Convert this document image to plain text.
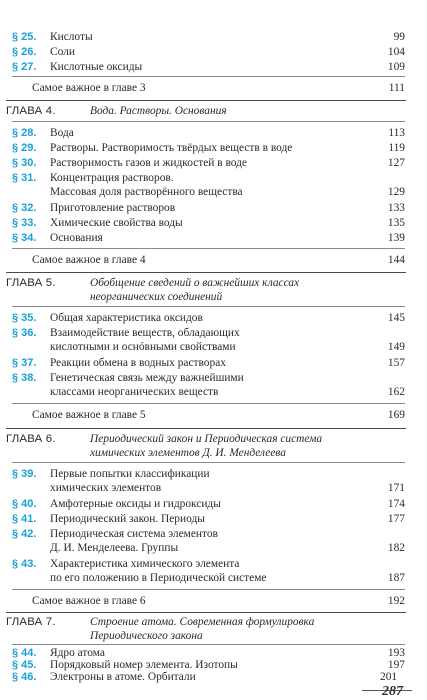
§ 25. Кислоты	99
§ 26. Соли	104
§ 27. Кислотные оксиды	109
Самое важное в главе 3	111
ГЛАВА 4.	Вода. Растворы. Основания
§ 28. Вода	113
§ 29. Растворы. Растворимость твёрдых веществ в воде	119
§ 30. Растворимость газов и жидкостей в воде	127
§ 31. Концентрация растворов.
Массовая доля растворённого вещества	129
§ 32. Приготовление растворов	133
§ 33. Химические свойства воды	135
§ 34. Основания	139
Самое важное в главе 4	144
ГЛАВА 5.	Обобщение сведений о важнейших классах
неорганических соединений
§ 35. Общая характеристика оксидов	145
§ 36. Взаимодействие веществ, обладающих
кислотными и оснóвными свойствами	149
§ 37. Реакции обмена в водных растворах	157
§ 38. Генетическая связь между важнейшими
классами неорганических веществ	162
Самое важное в главе 5	169
ГЛАВА 6.	Периодический закон и Периодическая система
химических элементов Д. И. Менделеева
§ 39. Первые попытки классификации
химических элементов	171
§ 40. Амфотерные оксиды и гидроксиды	174
§ 41. Периодический закон. Периоды	177
§ 42. Периодическая система элементов
Д. И. Менделеева. Группы	182
§ 43. Характеристика химического элемента
по его положению в Периодической системе	187
Самое важное в главе 6	192
ГЛАВА 7.	Строение атома. Современная формулировка
Периодического закона
§ 44. Ядро атома	193
§ 45. Порядковый номер элемента. Изотопы	197
§ 46. Электроны в атоме. Орбитали	201
287
